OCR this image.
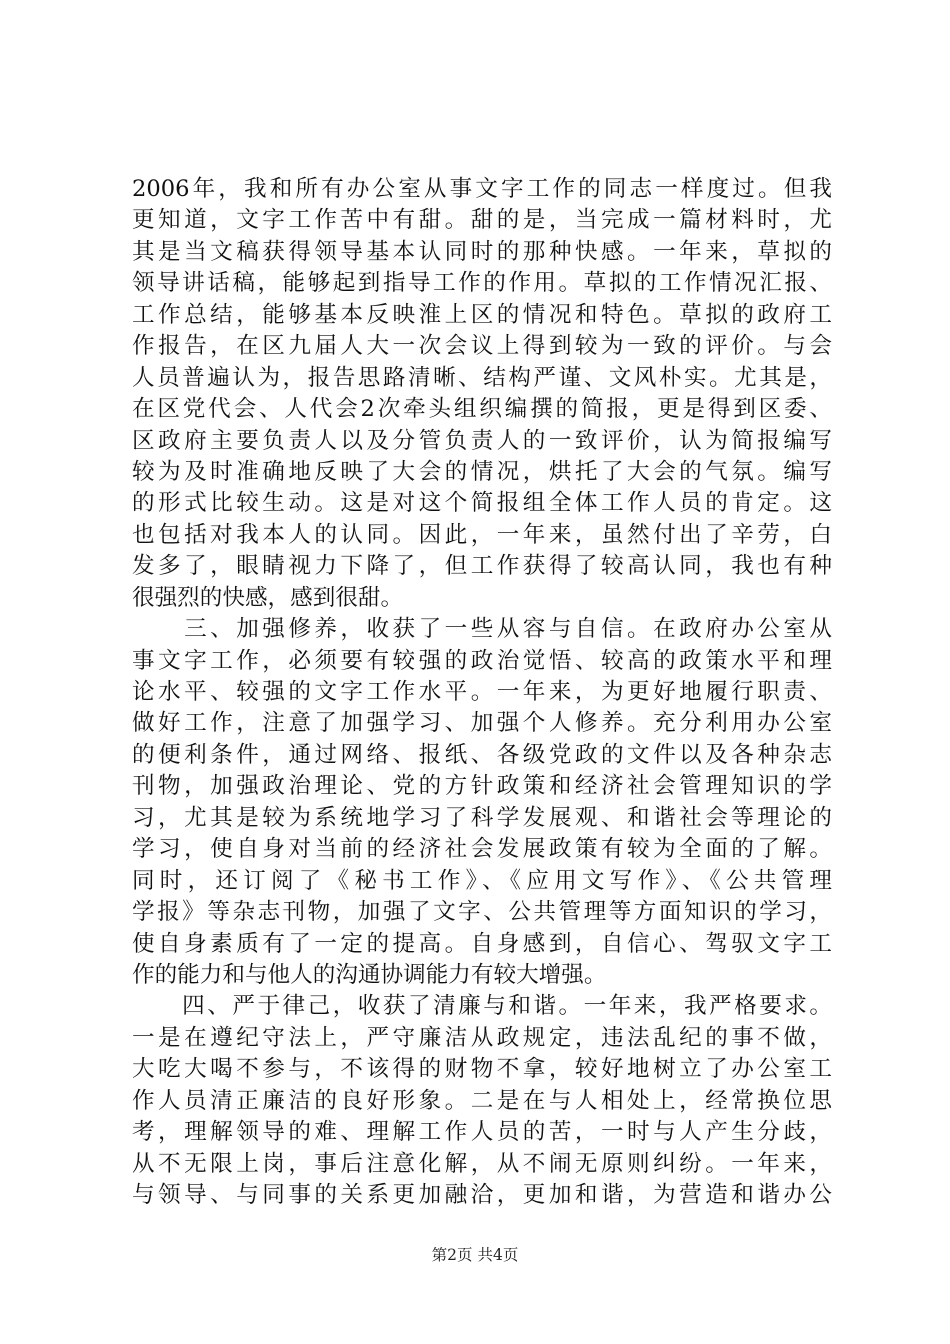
2006年，我和所有办公室从事文字工作的同志一样度过。但我
更知道，文字工作苦中有甜。甜的是，当完成一篇材料时，尤
其是当文稿获得领导基本认同时的那种快感。一年来，草拟的
领导讲话稿，能够起到指导工作的作用。草拟的工作情况汇报、
工作总结，能够基本反映淮上区的情况和特色。草拟的政府工
作报告，在区九届人大一次会议上得到较为一致的评价。与会
人员普遍认为，报告思路清晰、结构严谨、文风朴实。尤其是，
在区党代会、人代会2次牵头组织编撰的简报，更是得到区委、
区政府主要负责人以及分管负责人的一致评价，认为简报编写
较为及时准确地反映了大会的情况，烘托了大会的气氛。编写
的形式比较生动。这是对这个简报组全体工作人员的肯定。这
也包括对我本人的认同。因此，一年来，虽然付出了辛劳，白
发多了，眼睛视力下降了，但工作获得了较高认同，我也有种
很强烈的快感，感到很甜。
　　三、加强修养，收获了一些从容与自信。在政府办公室从
事文字工作，必须要有较强的政治觉悟、较高的政策水平和理
论水平、较强的文字工作水平。一年来，为更好地履行职责、
做好工作，注意了加强学习、加强个人修养。充分利用办公室
的便利条件，通过网络、报纸、各级党政的文件以及各种杂志
刊物，加强政治理论、党的方针政策和经济社会管理知识的学
习，尤其是较为系统地学习了科学发展观、和谐社会等理论的
学习，使自身对当前的经济社会发展政策有较为全面的了解。
同时，还订阅了《秘书工作》、《应用文写作》、《公共管理
学报》等杂志刊物，加强了文字、公共管理等方面知识的学习，
使自身素质有了一定的提高。自身感到，自信心、驾驭文字工
作的能力和与他人的沟通协调能力有较大增强。
　　四、严于律己，收获了清廉与和谐。一年来，我严格要求。
一是在遵纪守法上，严守廉洁从政规定，违法乱纪的事不做，
大吃大喝不参与，不该得的财物不拿，较好地树立了办公室工
作人员清正廉洁的良好形象。二是在与人相处上，经常换位思
考，理解领导的难、理解工作人员的苦，一时与人产生分歧，
从不无限上岗，事后注意化解，从不闹无原则纠纷。一年来，
与领导、与同事的关系更加融洽，更加和谐，为营造和谐办公
第2页 共4页
